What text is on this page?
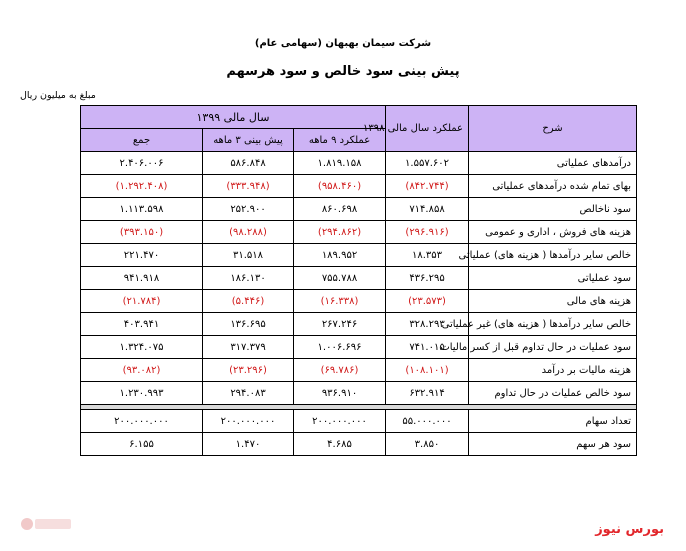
شرکت سیمان بهبهان (سهامی عام)
پیش بینی سود خالص و سود هرسهم
مبلغ به میلیون ریال
شرح	عملکرد سال مالی ۱۳۹۸	سال مالی ۱۳۹۹		
		عملکرد ۹ ماهه	پیش بینی ۳ ماهه	جمع
درآمدهای عملیاتی	۱.۵۵۷.۶۰۲	۱.۸۱۹.۱۵۸	۵۸۶.۸۴۸	۲.۴۰۶.۰۰۶
بهای تمام شده درآمدهای عملیاتی	(۸۴۲.۷۴۴)	(۹۵۸.۴۶۰)	(۳۳۳.۹۴۸)	(۱.۲۹۲.۴۰۸)
سود ناخالص	۷۱۴.۸۵۸	۸۶۰.۶۹۸	۲۵۲.۹۰۰	۱.۱۱۳.۵۹۸
هزینه های فروش ، اداری و عمومی	(۲۹۶.۹۱۶)	(۲۹۴.۸۶۲)	(۹۸.۲۸۸)	(۳۹۳.۱۵۰)
خالص سایر درآمدها ( هزینه های) عملیاتی	۱۸.۳۵۳	۱۸۹.۹۵۲	۳۱.۵۱۸	۲۲۱.۴۷۰
سود عملیاتی	۴۳۶.۲۹۵	۷۵۵.۷۸۸	۱۸۶.۱۳۰	۹۴۱.۹۱۸
هزینه های مالی	(۲۳.۵۷۳)	(۱۶.۳۳۸)	(۵.۴۴۶)	(۲۱.۷۸۴)
خالص سایر درآمدها ( هزینه های) غیر عملیاتی	۳۲۸.۲۹۳	۲۶۷.۲۴۶	۱۳۶.۶۹۵	۴۰۳.۹۴۱
سود عملیات در حال تداوم قبل از کسر مالیات	۷۴۱.۰۱۵	۱.۰۰۶.۶۹۶	۳۱۷.۳۷۹	۱.۳۲۴.۰۷۵
هزینه مالیات بر درآمد	(۱۰۸.۱۰۱)	(۶۹.۷۸۶)	(۲۳.۲۹۶)	(۹۳.۰۸۲)
سود خالص عملیات در حال تداوم	۶۳۲.۹۱۴	۹۳۶.۹۱۰	۲۹۴.۰۸۳	۱.۲۳۰.۹۹۳

تعداد سهام	۵۵.۰۰۰.۰۰۰	۲۰۰.۰۰۰.۰۰۰	۲۰۰.۰۰۰.۰۰۰	۲۰۰.۰۰۰.۰۰۰
سود هر سهم	۳.۸۵۰	۴.۶۸۵	۱.۴۷۰	۶.۱۵۵
بورس نیوز
